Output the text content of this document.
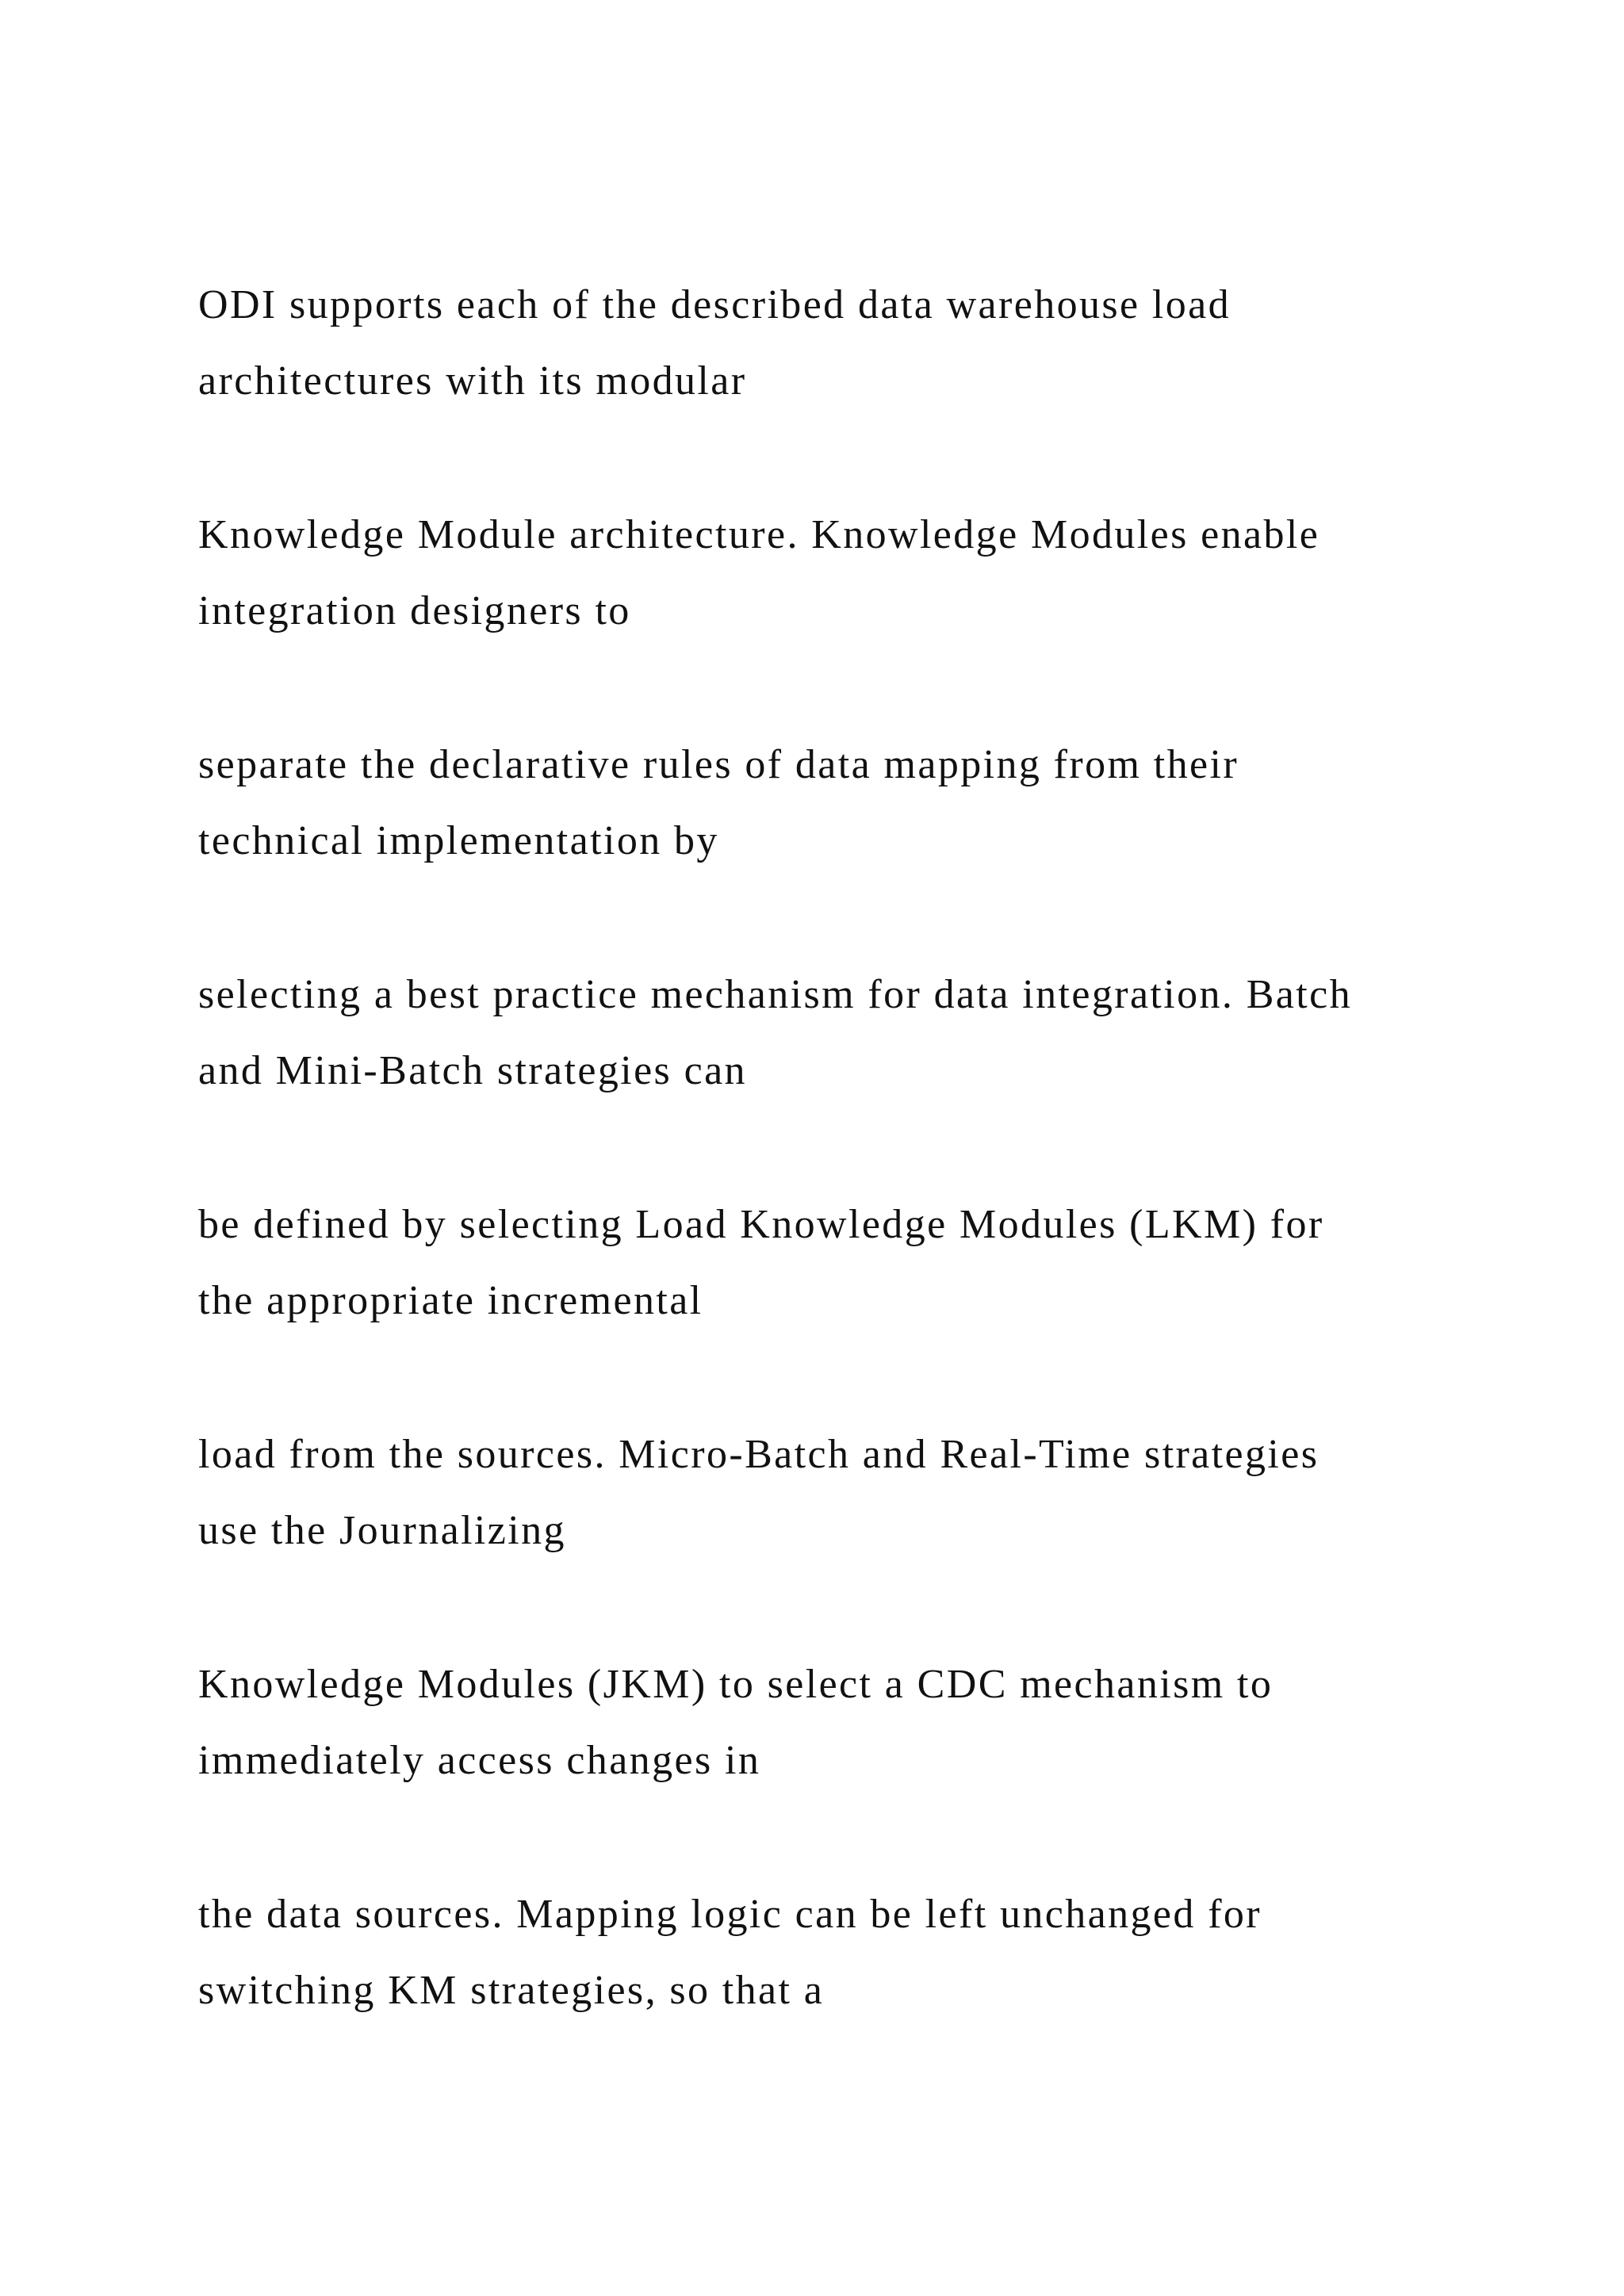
ODI supports each of the described data warehouse load
architectures with its modular

Knowledge Module architecture. Knowledge Modules enable
integration designers to

separate the declarative rules of data mapping from their
technical implementation by

selecting a best practice mechanism for data integration. Batch
and Mini-Batch strategies can

be defined by selecting Load Knowledge Modules (LKM) for
the appropriate incremental

load from the sources. Micro-Batch and Real-Time strategies
use the Journalizing

Knowledge Modules (JKM) to select a CDC mechanism to
immediately access changes in

the data sources. Mapping logic can be left unchanged for
switching KM strategies, so that a
